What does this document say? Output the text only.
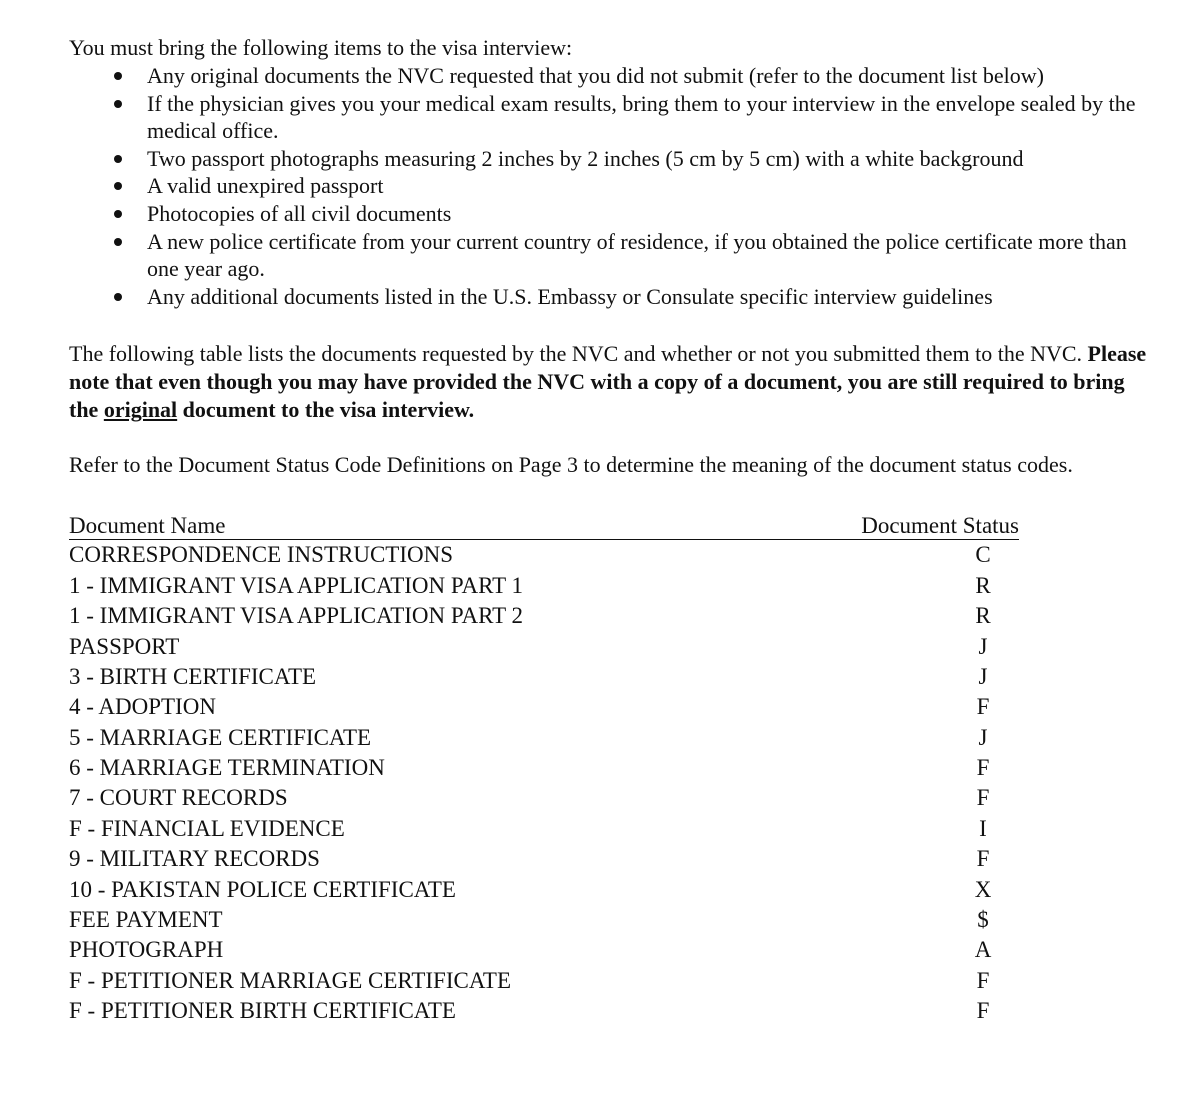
You must bring the following items to the visa interview:

Any original documents the NVC requested that you did not submit (refer to the document list below)
If the physician gives you your medical exam results, bring them to your interview in the envelope sealed by the medical office.
Two passport photographs measuring 2 inches by 2 inches (5 cm by 5 cm) with a white background
A valid unexpired passport
Photocopies of all civil documents
A new police certificate from your current country of residence, if you obtained the police certificate more than one year ago.
Any additional documents listed in the U.S. Embassy or Consulate specific interview guidelines

The following table lists the documents requested by the NVC and whether or not you submitted them to the NVC. Please note that even though you may have provided the NVC with a copy of a document, you are still required to bring the original document to the visa interview.

Refer to the Document Status Code Definitions on Page 3 to determine the meaning of the document status codes.

Document Name	Document Status
CORRESPONDENCE INSTRUCTIONS	C
1 - IMMIGRANT VISA APPLICATION PART 1	R
1 - IMMIGRANT VISA APPLICATION PART 2	R
PASSPORT	J
3 - BIRTH CERTIFICATE	J
4 - ADOPTION	F
5 - MARRIAGE CERTIFICATE	J
6 - MARRIAGE TERMINATION	F
7 - COURT RECORDS	F
F - FINANCIAL EVIDENCE	I
9 - MILITARY RECORDS	F
10 - PAKISTAN POLICE CERTIFICATE	X
FEE PAYMENT	$
PHOTOGRAPH	A
F - PETITIONER MARRIAGE CERTIFICATE	F
F - PETITIONER BIRTH CERTIFICATE	F
